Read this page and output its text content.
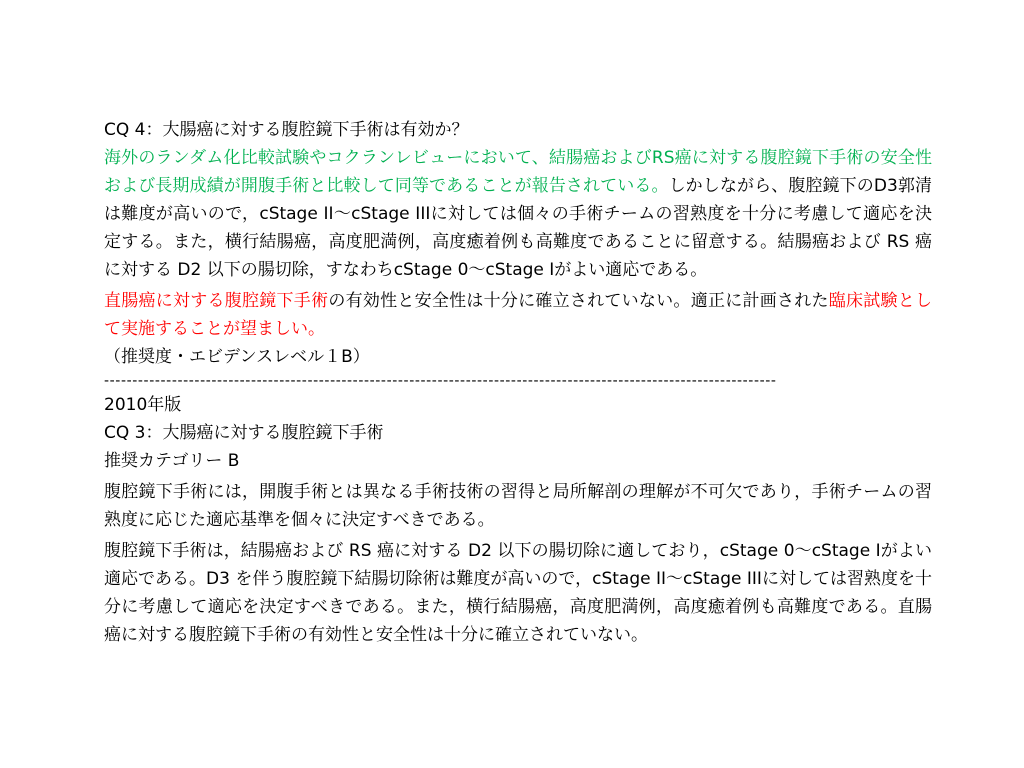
CQ 4：大腸癌に対する腹腔鏡下手術は有効か？

海外のランダム化比較試験やコクランレビューにおいて、結腸癌およびRS癌に対する腹腔鏡下手術の安全性および長期成績が開腹手術と比較して同等であることが報告されている。しかしながら、腹腔鏡下のD3郭清は難度が高いので，cStage II〜cStage IIIに対しては個々の手術チームの習熟度を十分に考慮して適応を決定する。また，横行結腸癌，高度肥満例，高度癒着例も高難度であることに留意する。結腸癌および RS 癌に対する D2 以下の腸切除，すなわちcStage 0〜cStage Iがよい適応である。

直腸癌に対する腹腔鏡下手術の有効性と安全性は十分に確立されていない。適正に計画された臨床試験として実施することが望ましい。

（推奨度・エビデンスレベル１B）

-----------------------------------------------------------------------------------------------------------------------

2010年版

CQ 3：大腸癌に対する腹腔鏡下手術

推奨カテゴリー B

腹腔鏡下手術には，開腹手術とは異なる手術技術の習得と局所解剖の理解が不可欠であり，手術チームの習熟度に応じた適応基準を個々に決定すべきである。

腹腔鏡下手術は，結腸癌および RS 癌に対する D2 以下の腸切除に適しており，cStage 0〜cStage Iがよい適応である。D3 を伴う腹腔鏡下結腸切除術は難度が高いので，cStage II〜cStage IIIに対しては習熟度を十分に考慮して適応を決定すべきである。また，横行結腸癌，高度肥満例，高度癒着例も高難度である。直腸癌に対する腹腔鏡下手術の有効性と安全性は十分に確立されていない。
